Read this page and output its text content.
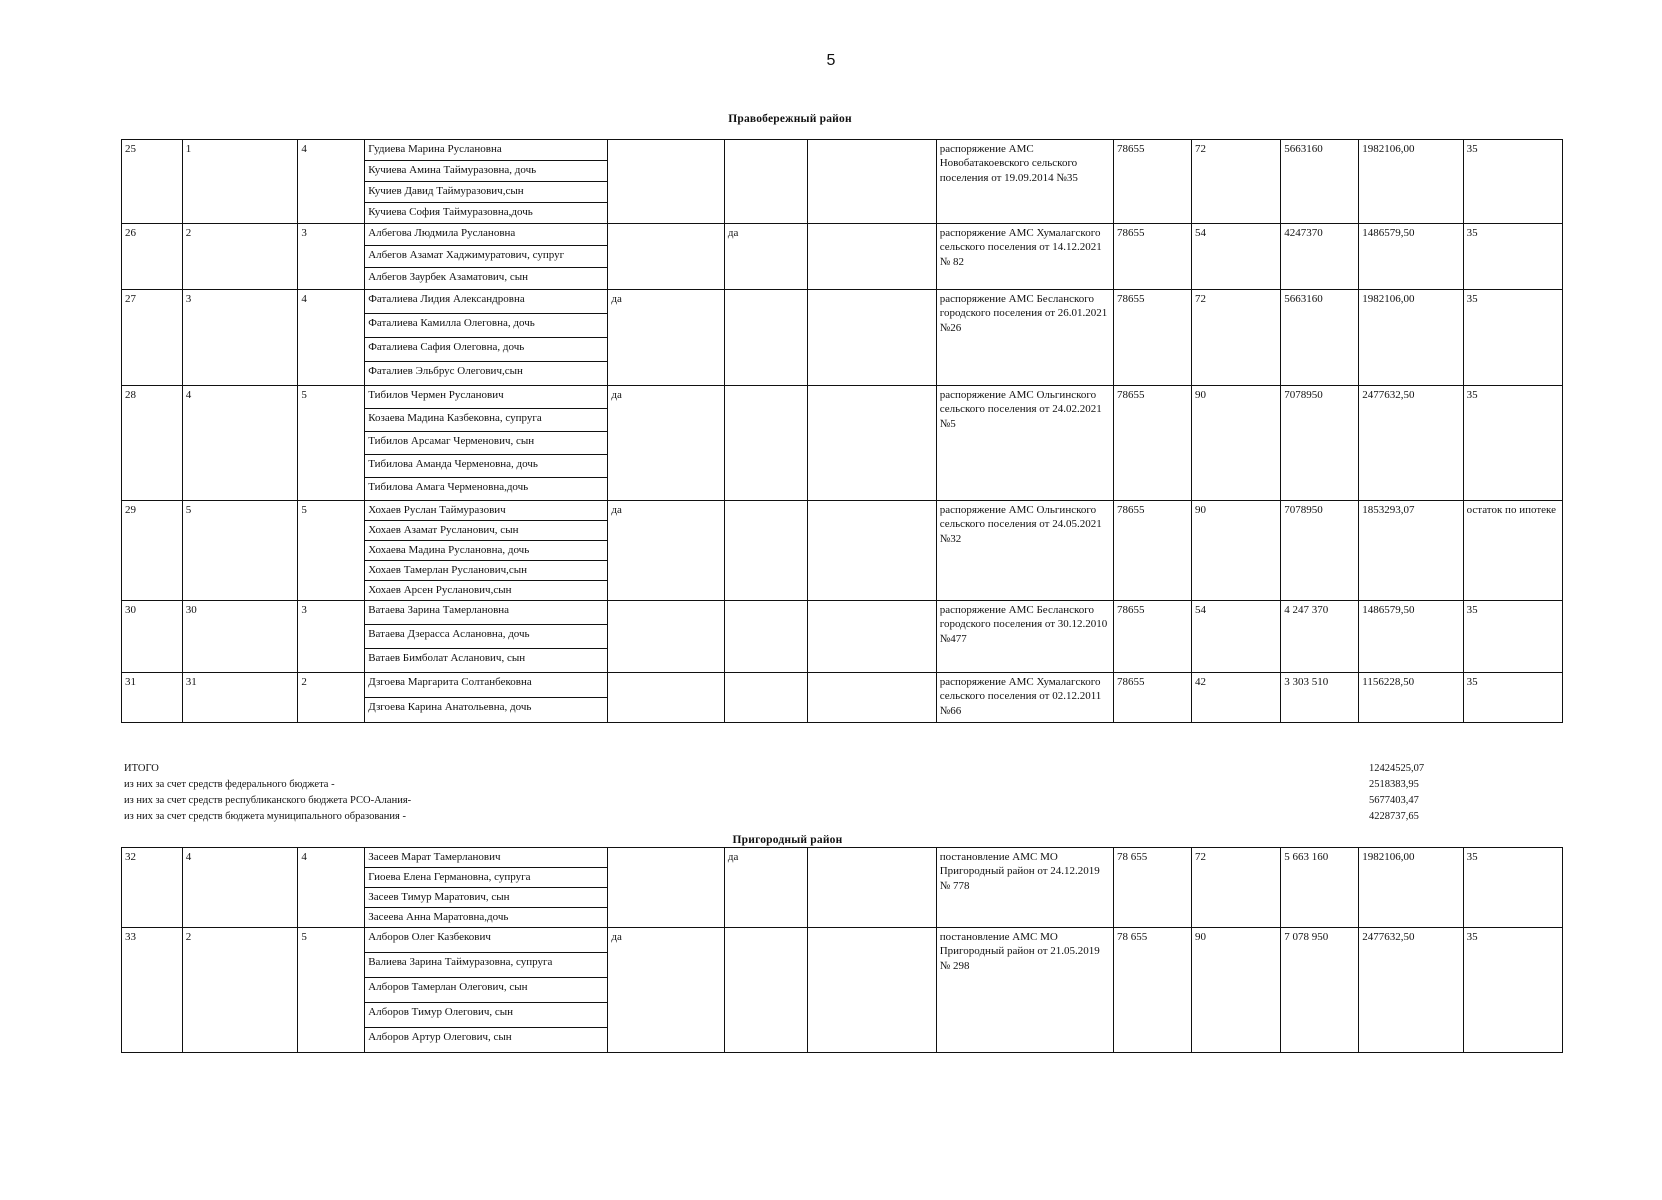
5
Правобережный район
25	1	4	Гудиева Марина Руслановна				распоряжение АМС Новобатакоевского сельского поселения от 19.09.2014 №35	78655	72	5663160	1982106,00	35
			Кучиева Амина Таймуразовна, дочь									
			Кучиев Давид Таймуразович,сын									
			Кучиева София Таймуразовна,дочь									
26	2	3	Албегова Людмила Руслановна		да		распоряжение АМС Хумалагского сельского поселения от 14.12.2021 № 82	78655	54	4247370	1486579,50	35
			Албегов Азамат Хаджимуратович, супруг									
			Албегов Заурбек Азаматович, сын									
27	3	4	Фаталиева Лидия Александровна	да			распоряжение АМС Бесланского городского поселения от 26.01.2021 №26	78655	72	5663160	1982106,00	35
			Фаталиева Камилла Олеговна, дочь									
			Фаталиева Сафия Олеговна, дочь									
			Фаталиев Эльбрус Олегович,сын									
28	4	5	Тибилов Чермен Русланович	да			распоряжение АМС Ольгинского сельского поселения от 24.02.2021 №5	78655	90	7078950	2477632,50	35
			Козаева Мадина Казбековна, супруга									
			Тибилов Арсамаг Черменович, сын									
			Тибилова Аманда Черменовна, дочь									
			Тибилова Амага Черменовна,дочь									
29	5	5	Хохаев Руслан Таймуразович	да			распоряжение АМС Ольгинского сельского поселения от 24.05.2021 №32	78655	90	7078950	1853293,07	остаток по ипотеке
			Хохаев Азамат Русланович, сын									
			Хохаева Мадина Руслановна, дочь									
			Хохаев Тамерлан Русланович,сын									
			Хохаев Арсен Русланович,сын									
30	30	3	Ватаева Зарина Тамерлановна				распоряжение АМС Бесланского городского поселения от 30.12.2010 №477	78655	54	4 247 370	1486579,50	35
			Ватаева Дзерасса Аслановна, дочь									
			Ватаев Бимболат Асланович, сын									
31	31	2	Дзгоева Маргарита Солтанбековна				распоряжение АМС Хумалагского сельского поселения от 02.12.2011 №66	78655	42	3 303 510	1156228,50	35
			Дзгоева Карина Анатольевна, дочь									
ИТОГО	12424525,07
из них за счет средств федерального бюджета -	2518383,95
из них за счет средств республиканского бюджета РСО-Алания-	5677403,47
из них за счет средств бюджета муниципального образования -	4228737,65
Пригородный район
32	4	4	Засеев Марат Тамерланович		да		постановление АМС МО Пригородный район от 24.12.2019 № 778	78 655	72	5 663 160	1982106,00	35
			Гиоева Елена Германовна, супруга									
			Засеев Тимур Маратович, сын									
			Засеева Анна Маратовна,дочь									
33	2	5	Алборов Олег Казбекович	да			постановление АМС МО Пригородный район от 21.05.2019 № 298	78 655	90	7 078 950	2477632,50	35
			Валиева Зарина Таймуразовна, супруга									
			Алборов Тамерлан Олегович, сын									
			Алборов Тимур Олегович, сын									
			Алборов Артур Олегович, сын									
